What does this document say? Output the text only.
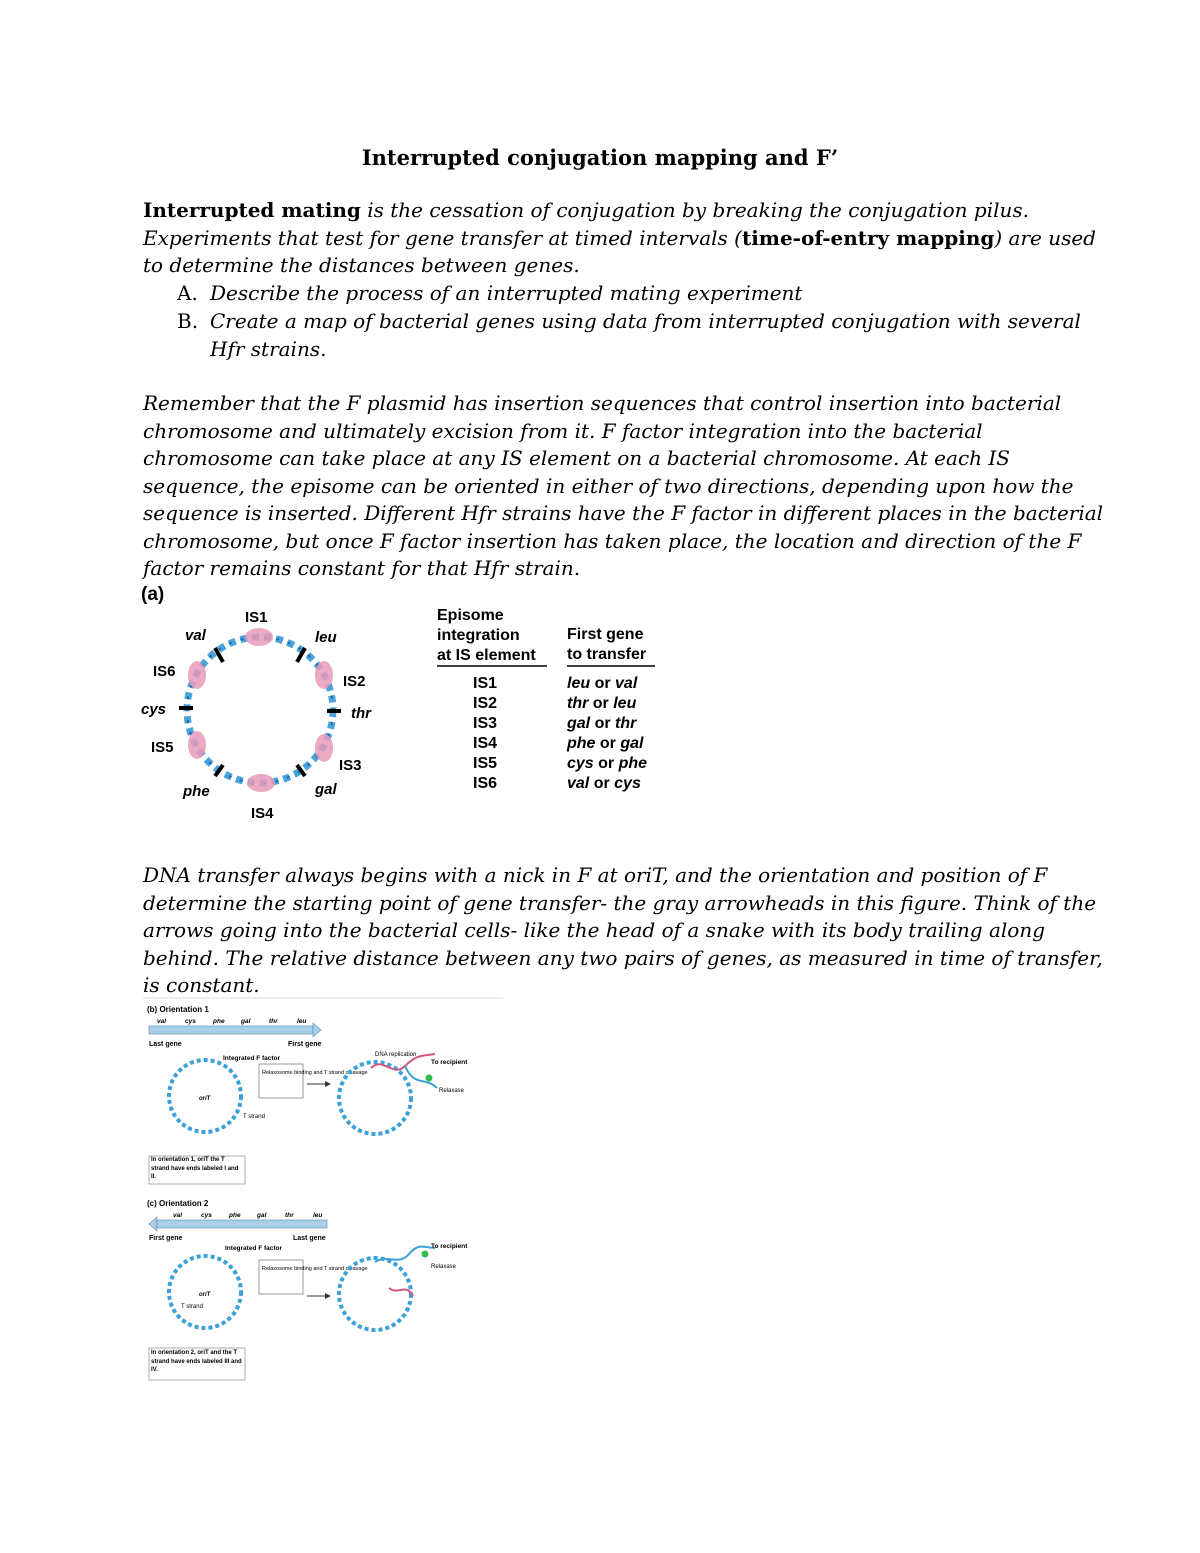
Interrupted conjugation mapping and F’
Interrupted mating is the cessation of conjugation by breaking the conjugation pilus.
Experiments that test for gene transfer at timed intervals (time-of-entry mapping) are used
to determine the distances between genes.
A. Describe the process of an interrupted mating experiment
B. Create a map of bacterial genes using data from interrupted conjugation with several
Hfr strains.
Remember that the F plasmid has insertion sequences that control insertion into bacterial
chromosome and ultimately excision from it. F factor integration into the bacterial
chromosome can take place at any IS element on a bacterial chromosome. At each IS
sequence, the episome can be oriented in either of two directions, depending upon how the
sequence is inserted. Different Hfr strains have the F factor in different places in the bacterial
chromosome, but once F factor insertion has taken place, the location and direction of the F
factor remains constant for that Hfr strain.
(a)
IS1
val	leu
IS6
IS2
cys	thr
IS5
IS3
phe	gal
IS4
Episome
integration
at IS element
First gene
to transfer
IS1	leu or val
IS2	thr or leu
IS3	gal or thr
IS4	phe or gal
IS5	cys or phe
IS6	val or cys
DNA transfer always begins with a nick in F at oriT, and the orientation and position of F
determine the starting point of gene transfer- the gray arrowheads in this figure. Think of the
arrows going into the bacterial cells- like the head of a snake with its body trailing along
behind. The relative distance between any two pairs of genes, as measured in time of transfer,
is constant.
(b) Orientation 1
val	cys	phe	gal	thr	leu
Last gene	First gene
Integrated F factor
Relaxosome binding and T strand cleavage
oriT
T strand
DNA replication
To recipient
Relaxase
In orientation 1, oriT the T strand have ends labeled I and II.
(c) Orientation 2
val	cys	phe	gal	thr	leu
First gene	Last gene
Integrated F factor
Relaxosome binding and T strand cleavage
oriT
T strand
To recipient
Relaxase
In orientation 2, oriT and the T strand have ends labeled III and IV.
